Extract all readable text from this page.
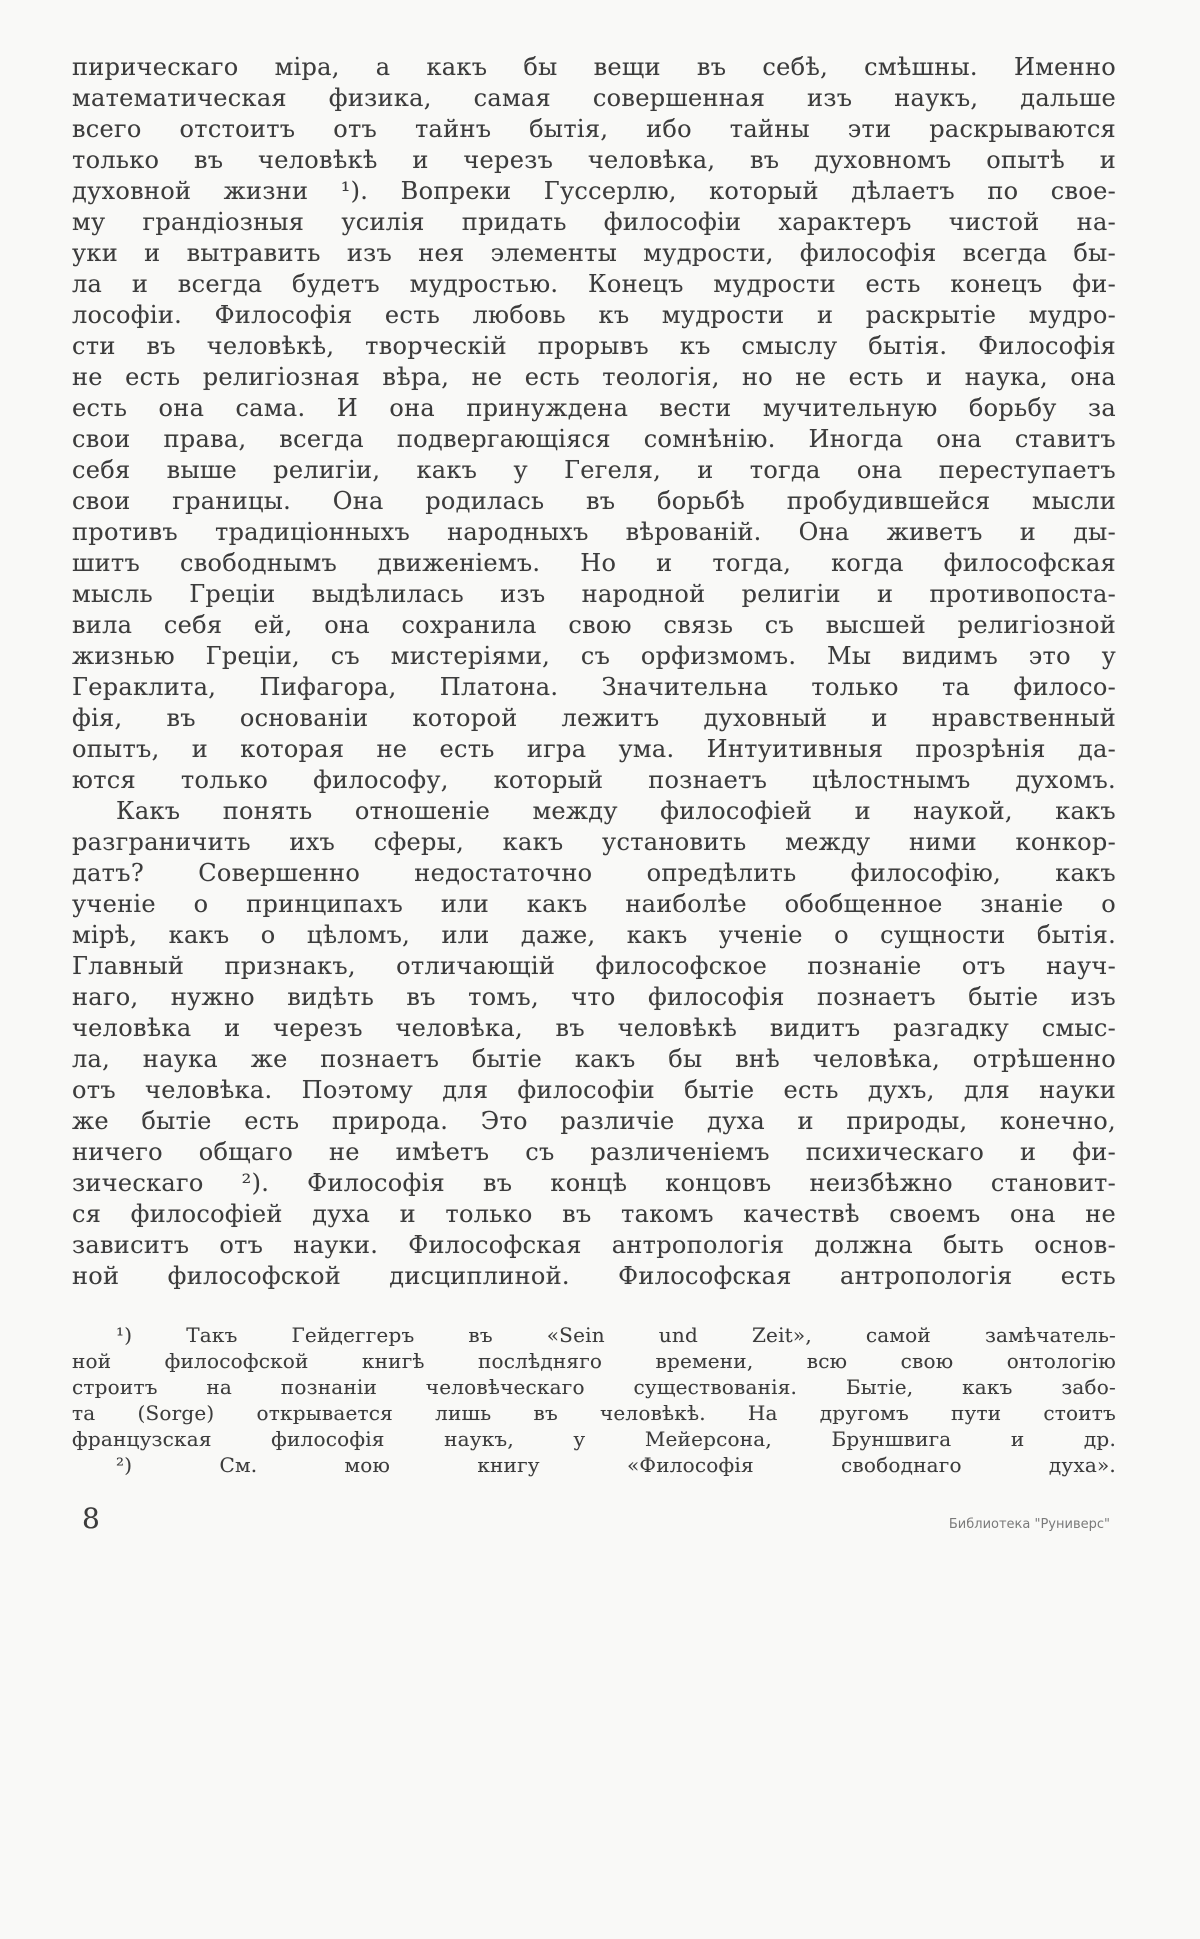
пирическаго міра, а какъ бы вещи въ себѣ, смѣшны. Именно
математическая физика, самая совершенная изъ наукъ, дальше
всего отстоитъ отъ тайнъ бытія, ибо тайны эти раскрываются
только въ человѣкѣ и черезъ человѣка, въ духовномъ опытѣ и
духовной жизни ¹). Вопреки Гуссерлю, который дѣлаетъ по свое-
му грандіозныя усилія придать философіи характеръ чистой на-
уки и вытравить изъ нея элементы мудрости, философія всегда бы-
ла и всегда будетъ мудростью. Конецъ мудрости есть конецъ фи-
лософіи. Философія есть любовь къ мудрости и раскрытіе мудро-
сти въ человѣкѣ, творческій прорывъ къ смыслу бытія. Философія
не есть религіозная вѣра, не есть теологія, но не есть и наука, она
есть она сама. И она принуждена вести мучительную борьбу за
свои права, всегда подвергающіяся сомнѣнію. Иногда она ставитъ
себя выше религіи, какъ у Гегеля, и тогда она переступаетъ
свои границы. Она родилась въ борьбѣ пробудившейся мысли
противъ традиціонныхъ народныхъ вѣрованій. Она живетъ и ды-
шитъ свободнымъ движеніемъ. Но и тогда, когда философская
мысль Греціи выдѣлилась изъ народной религіи и противопоста-
вила себя ей, она сохранила свою связь съ высшей религіозной
жизнью Греціи, съ мистеріями, съ орфизмомъ. Мы видимъ это у
Гераклита, Пифагора, Платона. Значительна только та филосо-
фія, въ основаніи которой лежитъ духовный и нравственный
опытъ, и которая не есть игра ума. Интуитивныя прозрѣнія да-
ются только философу, который познаетъ цѣлостнымъ духомъ.
Какъ понять отношеніе между философіей и наукой, какъ
разграничить ихъ сферы, какъ установить между ними конкор-
датъ? Совершенно недостаточно опредѣлить философію, какъ
ученіе о принципахъ или какъ наиболѣе обобщенное знаніе о
мірѣ, какъ о цѣломъ, или даже, какъ ученіе о сущности бытія.
Главный признакъ, отличающій философское познаніе отъ науч-
наго, нужно видѣть въ томъ, что философія познаетъ бытіе изъ
человѣка и черезъ человѣка, въ человѣкѣ видитъ разгадку смыс-
ла, наука же познаетъ бытіе какъ бы внѣ человѣка, отрѣшенно
отъ человѣка. Поэтому для философіи бытіе есть духъ, для науки
же бытіе есть природа. Это различіе духа и природы, конечно,
ничего общаго не имѣетъ съ различеніемъ психическаго и фи-
зическаго ²). Философія въ концѣ концовъ неизбѣжно становит-
ся философіей духа и только въ такомъ качествѣ своемъ она не
зависитъ отъ науки. Философская антропологія должна быть основ-
ной философской дисциплиной. Философская антропологія есть
¹) Такъ Гейдеггеръ въ «Sein und Zeit», самой замѣчатель-
ной философской книгѣ послѣдняго времени, всю свою онтологію
строитъ на познаніи человѣческаго существованія. Бытіе, какъ забо-
та (Sorge) открывается лишь въ человѣкѣ. На другомъ пути стоитъ
французская философія наукъ, у Мейерсона, Бруншвига и др.
²) См. мою книгу «Философія свободнаго духа».
8	Библиотека "Руниверс"
